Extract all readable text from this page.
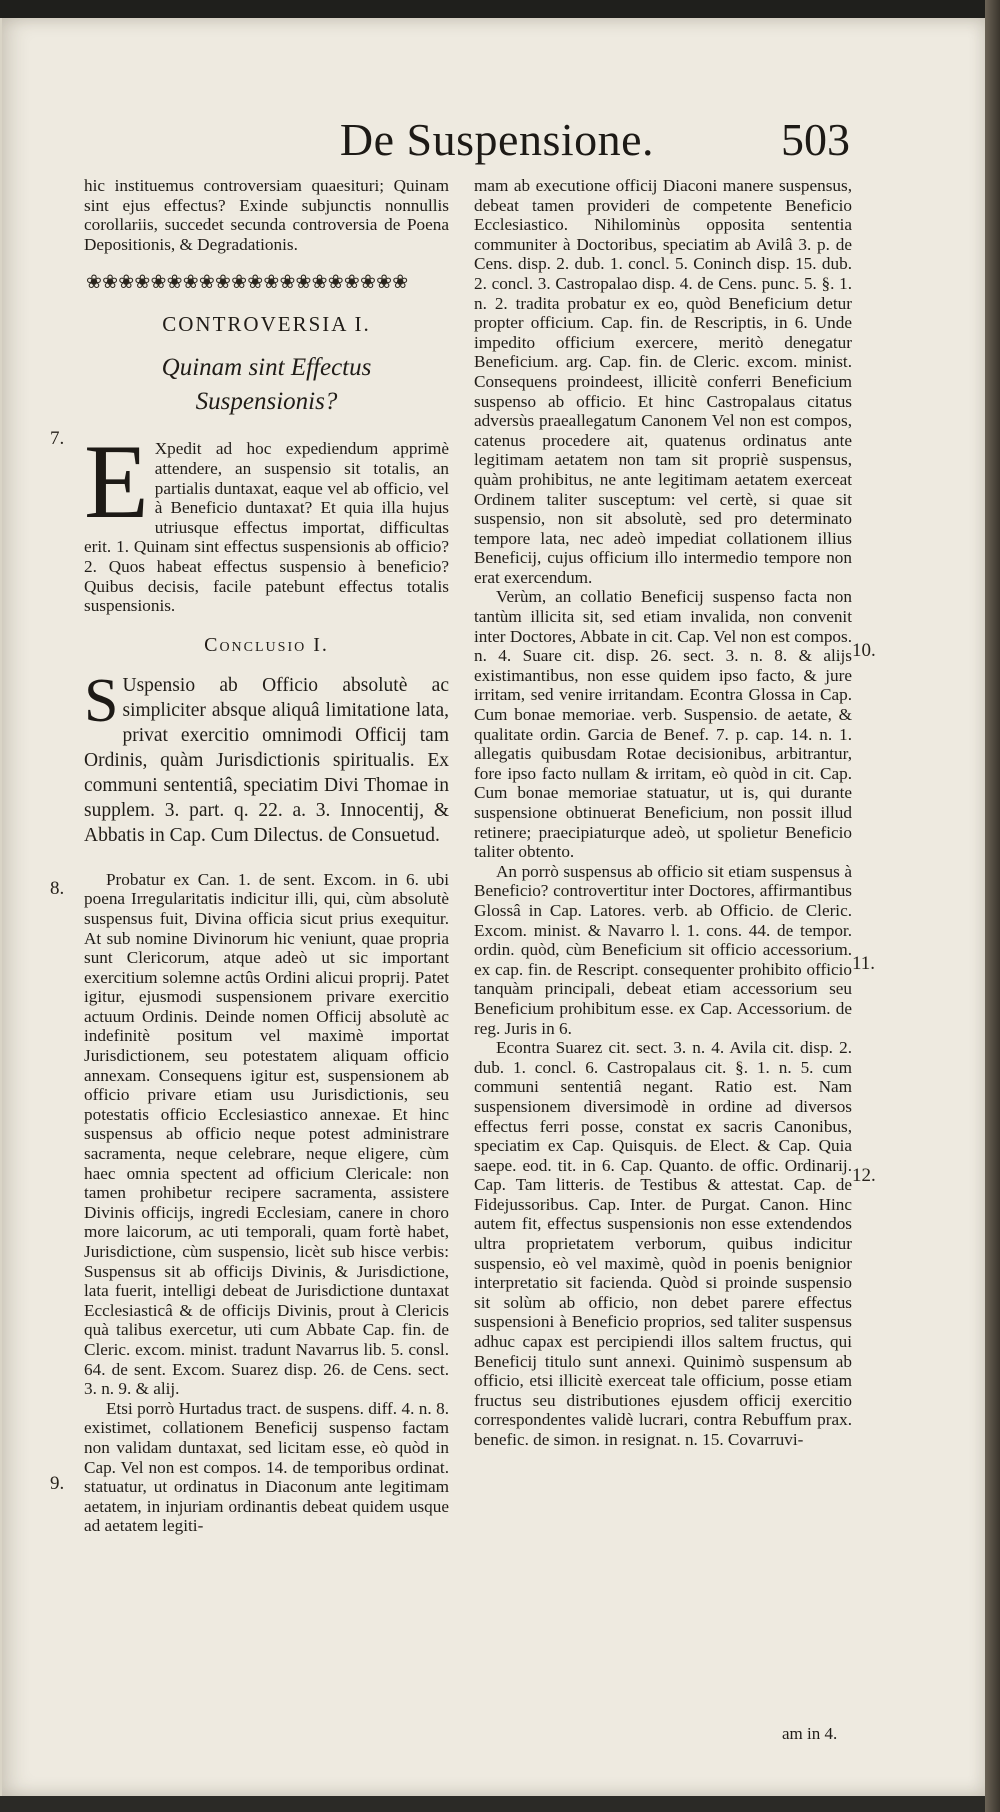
De Suspensione.	503

hic instituemus controversiam quaesituri; Quinam sint ejus effectus? Exinde subjunctis nonnullis corollariis, succedet secunda controversia de Poena Depositionis, & Degradationis.

❀❀❀❀❀❀❀❀❀❀❀❀❀❀❀❀❀❀❀❀
CONTROVERSIA I.
Quinam sint Effectus Suspensionis?
E Xpedit ad hoc expediendum apprimè attendere, an suspensio sit totalis, an partialis duntaxat, eaque vel ab officio, vel à Beneficio duntaxat? Et quia illa hujus utriusque effectus importat, difficultas erit. 1. Quinam sint effectus suspensionis ab officio? 2. Quos habeat effectus suspensio à beneficio? Quibus decisis, facile patebunt effectus totalis suspensionis.

Conclusio I.
S Uspensio ab Officio absolutè ac simpliciter absque aliquâ limitatione lata, privat exercitio omnimodi Officij tam Ordinis, quàm Jurisdictionis spiritualis. Ex communi sententiâ, speciatim Divi Thomae in supplem. 3. part. q. 22. a. 3. Innocentij, & Abbatis in Cap. Cum Dilectus. de Consuetud.

Probatur ex Can. 1. de sent. Excom. in 6. ubi poena Irregularitatis indicitur illi, qui, cùm absolutè suspensus fuit, Divina officia sicut prius exequitur. At sub nomine Divinorum hic veniunt, quae propria sunt Clericorum, atque adeò ut sic important exercitium solemne actûs Ordini alicui proprij. Patet igitur, ejusmodi suspensionem privare exercitio actuum Ordinis. Deinde nomen Officij absolutè ac indefinitè positum vel maximè importat Jurisdictionem, seu potestatem aliquam officio annexam. Consequens igitur est, suspensionem ab officio privare etiam usu Jurisdictionis, seu potestatis officio Ecclesiastico annexae. Et hinc suspensus ab officio neque potest administrare sacramenta, neque celebrare, neque eligere, cùm haec omnia spectent ad officium Clericale: non tamen prohibetur recipere sacramenta, assistere Divinis officijs, ingredi Ecclesiam, canere in choro more laicorum, ac uti temporali, quam fortè habet, Jurisdictione, cùm suspensio, licèt sub hisce verbis: Suspensus sit ab officijs Divinis, & Jurisdictione, lata fuerit, intelligi debeat de Jurisdictione duntaxat Ecclesiasticâ & de officijs Divinis, prout à Clericis quà talibus exercetur, uti cum Abbate Cap. fin. de Cleric. excom. minist. tradunt Navarrus lib. 5. consl. 64. de sent. Excom. Suarez disp. 26. de Cens. sect. 3. n. 9. & alij.

Etsi porrò Hurtadus tract. de suspens. diff. 4. n. 8. existimet, collationem Beneficij suspenso factam non validam duntaxat, sed licitam esse, eò quòd in Cap. Vel non est compos. 14. de temporibus ordinat. statuatur, ut ordinatus in Diaconum ante legitimam aetatem, in injuriam ordinantis debeat quidem usque ad aetatem legiti-

mam ab executione officij Diaconi manere suspensus, debeat tamen provideri de competente Beneficio Ecclesiastico. Nihilominùs opposita sententia communiter à Doctoribus, speciatim ab Avilâ 3. p. de Cens. disp. 2. dub. 1. concl. 5. Coninch disp. 15. dub. 2. concl. 3. Castropalao disp. 4. de Cens. punc. 5. §. 1. n. 2. tradita probatur ex eo, quòd Beneficium detur propter officium. Cap. fin. de Rescriptis, in 6. Unde impedito officium exercere, meritò denegatur Beneficium. arg. Cap. fin. de Cleric. excom. minist. Consequens proindeest, illicitè conferri Beneficium suspenso ab officio. Et hinc Castropalaus citatus adversùs praeallegatum Canonem Vel non est compos, catenus procedere ait, quatenus ordinatus ante legitimam aetatem non tam sit propriè suspensus, quàm prohibitus, ne ante legitimam aetatem exerceat Ordinem taliter susceptum: vel certè, si quae sit suspensio, non sit absolutè, sed pro determinato tempore lata, nec adeò impediat collationem illius Beneficij, cujus officium illo intermedio tempore non erat exercendum.

Verùm, an collatio Beneficij suspenso facta non tantùm illicita sit, sed etiam invalida, non convenit inter Doctores, Abbate in cit. Cap. Vel non est compos. n. 4. Suare cit. disp. 26. sect. 3. n. 8. & alijs existimantibus, non esse quidem ipso facto, & jure irritam, sed venire irritandam. Econtra Glossa in Cap. Cum bonae memoriae. verb. Suspensio. de aetate, & qualitate ordin. Garcia de Benef. 7. p. cap. 14. n. 1. allegatis quibusdam Rotae decisionibus, arbitrantur, fore ipso facto nullam & irritam, eò quòd in cit. Cap. Cum bonae memoriae statuatur, ut is, qui durante suspensione obtinuerat Beneficium, non possit illud retinere; praecipiaturque adeò, ut spolietur Beneficio taliter obtento.

An porrò suspensus ab officio sit etiam suspensus à Beneficio? controvertitur inter Doctores, affirmantibus Glossâ in Cap. Latores. verb. ab Officio. de Cleric. Excom. minist. & Navarro l. 1. cons. 44. de tempor. ordin. quòd, cùm Beneficium sit officio accessorium. ex cap. fin. de Rescript. consequenter prohibito officio tanquàm principali, debeat etiam accessorium seu Beneficium prohibitum esse. ex Cap. Accessorium. de reg. Juris in 6.

Econtra Suarez cit. sect. 3. n. 4. Avila cit. disp. 2. dub. 1. concl. 6. Castropalaus cit. §. 1. n. 5. cum communi sententiâ negant. Ratio est. Nam suspensionem diversimodè in ordine ad diversos effectus ferri posse, constat ex sacris Canonibus, speciatim ex Cap. Quisquis. de Elect. & Cap. Quia saepe. eod. tit. in 6. Cap. Quanto. de offic. Ordinarij. Cap. Tam litteris. de Testibus & attestat. Cap. de Fidejussoribus. Cap. Inter. de Purgat. Canon. Hinc autem fit, effectus suspensionis non esse extendendos ultra proprietatem verborum, quibus indicitur suspensio, eò vel maximè, quòd in poenis benignior interpretatio sit facienda. Quòd si proinde suspensio sit solùm ab officio, non debet parere effectus suspensioni à Beneficio proprios, sed taliter suspensus adhuc capax est percipiendi illos saltem fructus, qui Beneficij titulo sunt annexi. Quinimò suspensum ab officio, etsi illicitè exerceat tale officium, posse etiam fructus seu distributiones ejusdem officij exercitio correspondentes validè lucrari, contra Rebuffum prax. benefic. de simon. in resignat. n. 15. Covarruvi-

7.
8.
9.
10.
11.
12.
am in 4.
